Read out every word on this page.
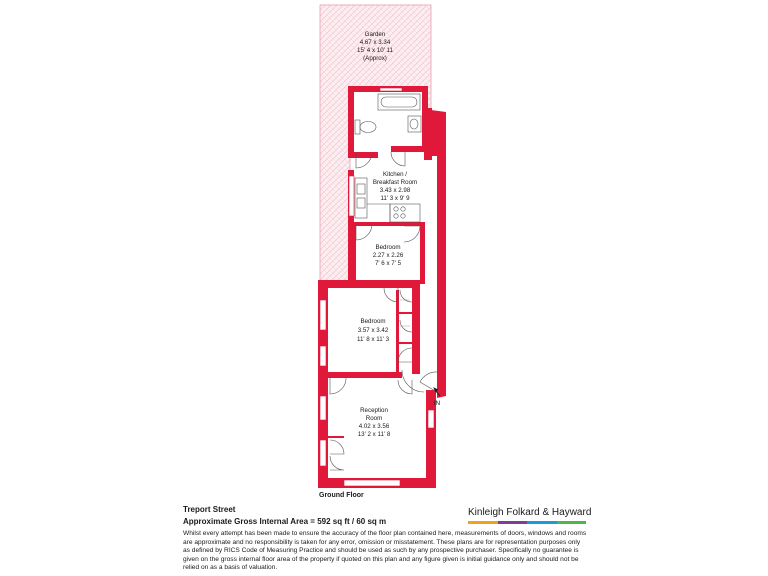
IN
Garden
4.67 x 3.34
15' 4 x 10' 11
(Approx)
Kitchen /
Breakfast Room
3.43 x 2.98
11' 3 x 9' 9
Bedroom
2.27 x 2.26
7' 6 x 7' 5
Bedroom
3.57 x 3.42
11' 8 x 11' 3
Reception
Room
4.02 x 3.56
13' 2 x 11' 8
Ground Floor
Treport Street
Approximate Gross Internal Area = 592 sq ft / 60 sq m
Whilst every attempt has been made to ensure the accuracy of the floor plan contained here, measurements of doors, windows and rooms are approximate and no responsibility is taken for any error, omission or misstatement. These plans are for representation purposes only as defined by RICS Code of Measuring Practice and should be used as such by any prospective purchaser. Specifically no guarantee is given on the gross internal floor area of the property if quoted on this plan and any figure given is initial guidance only and should not be relied on as a basis of valuation.
Kinleigh Folkard & Hayward
